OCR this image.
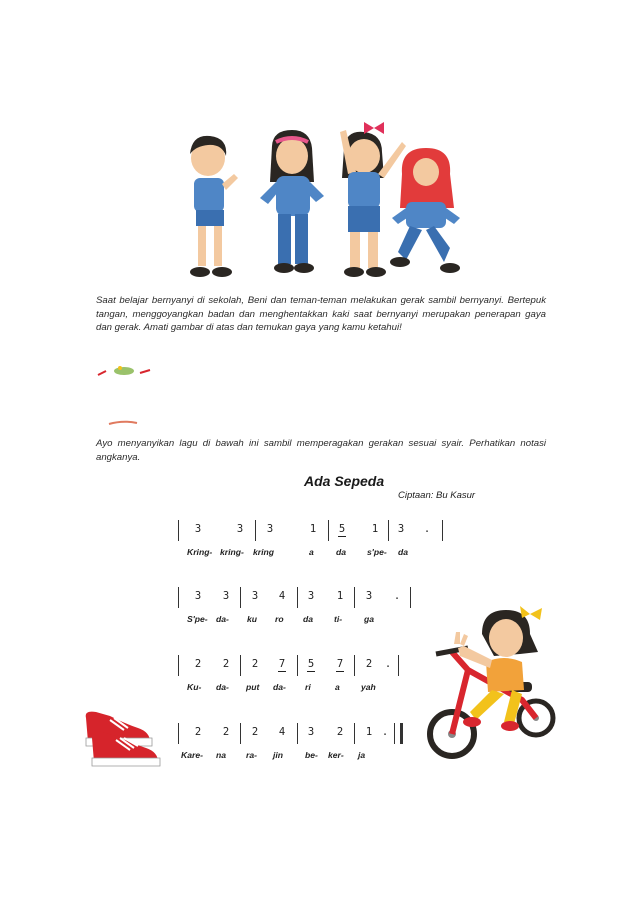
Saat belajar bernyanyi di sekolah, Beni dan teman-teman melakukan gerak sambil bernyanyi. Bertepuk tangan, menggoyangkan badan dan menghentakkan kaki saat bernyanyi merupakan penerapan gaya dan gerak. Amati gambar di atas dan temukan gaya yang kamu ketahui!

Ayo menyanyikan lagu di bawah ini sambil memperagakan gerakan sesuai syair. Perhatikan notasi angkanya.

Ada Sepeda
Ciptaan: Bu Kasur
3	3	3	1	5	1	3	.
Kring- kring- kring	a	da s'pe- da
3	3	3	4	3	1	3	.
S'pe- da- ku ro da ti-	ga
2	2	2	7	5	7	2	.
Ku- da- put da- ri	a yah
2	2	2	4	3	2	1 .
Kare- na ra- jin	be- ker- ja
